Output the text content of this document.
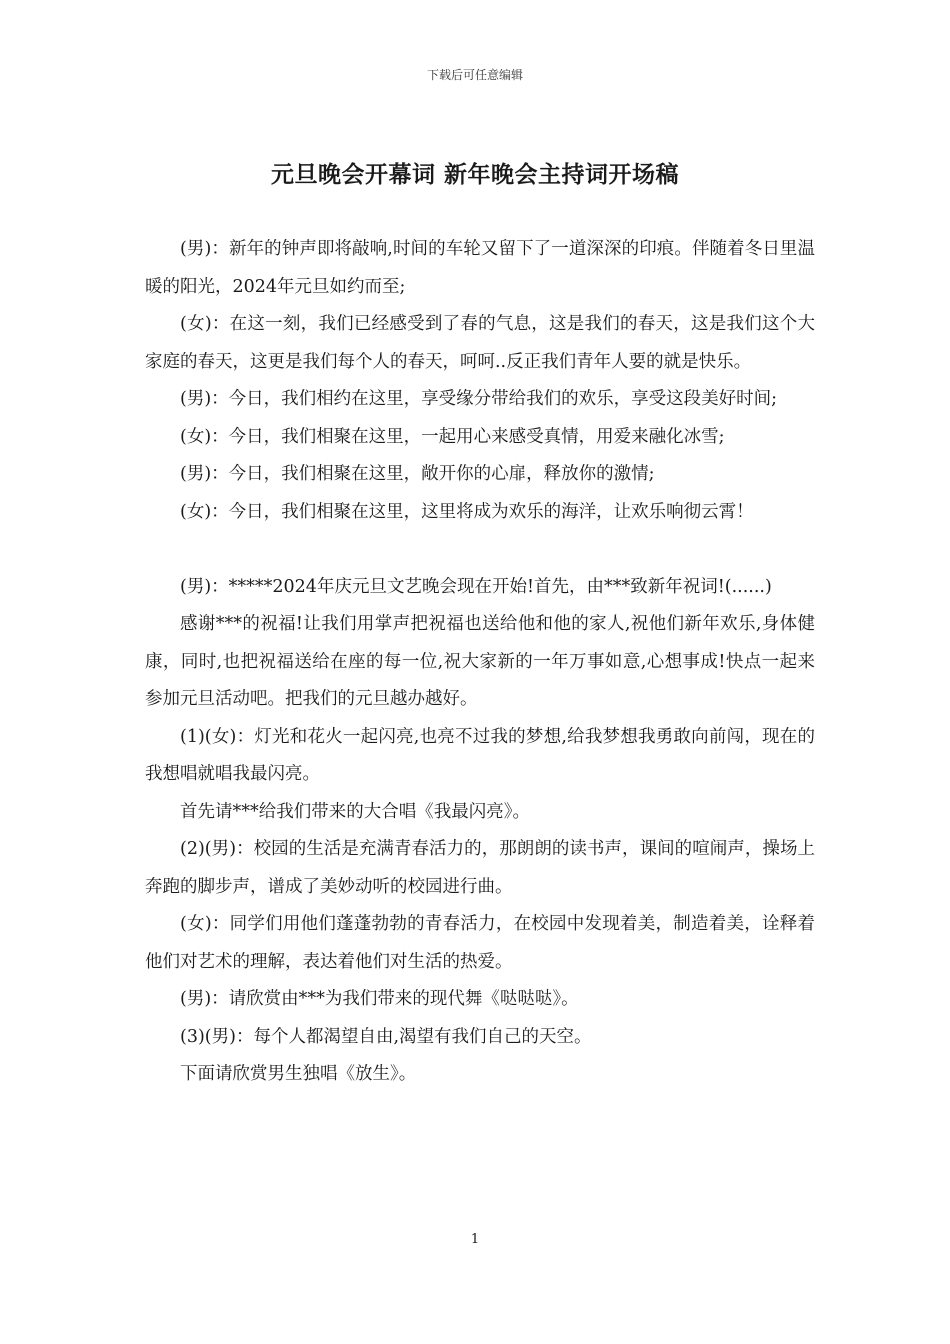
下载后可任意编辑
元旦晚会开幕词 新年晚会主持词开场稿

(男)：新年的钟声即将敲响,时间的车轮又留下了一道深深的印痕。伴随着冬日里温暖的阳光，2024年元旦如约而至;

(女)：在这一刻，我们已经感受到了春的气息，这是我们的春天，这是我们这个大家庭的春天，这更是我们每个人的春天，呵呵..反正我们青年人要的就是快乐。

(男)：今日，我们相约在这里，享受缘分带给我们的欢乐，享受这段美好时间;

(女)：今日，我们相聚在这里，一起用心来感受真情，用爱来融化冰雪;

(男)：今日，我们相聚在这里，敞开你的心扉，释放你的激情;

(女)：今日，我们相聚在这里，这里将成为欢乐的海洋，让欢乐响彻云霄！

(男)：*****2024年庆元旦文艺晚会现在开始!首先，由***致新年祝词!(......)

感谢***的祝福!让我们用掌声把祝福也送给他和他的家人,祝他们新年欢乐,身体健康，同时,也把祝福送给在座的每一位,祝大家新的一年万事如意,心想事成!快点一起来参加元旦活动吧。把我们的元旦越办越好。

(1)(女)：灯光和花火一起闪亮,也亮不过我的梦想,给我梦想我勇敢向前闯，现在的我想唱就唱我最闪亮。

首先请***给我们带来的大合唱《我最闪亮》。

(2)(男)：校园的生活是充满青春活力的，那朗朗的读书声，课间的喧闹声，操场上奔跑的脚步声，谱成了美妙动听的校园进行曲。

(女)：同学们用他们蓬蓬勃勃的青春活力，在校园中发现着美，制造着美，诠释着他们对艺术的理解，表达着他们对生活的热爱。

(男)：请欣赏由***为我们带来的现代舞《哒哒哒》。

(3)(男)：每个人都渴望自由,渴望有我们自己的天空。

下面请欣赏男生独唱《放生》。

1
